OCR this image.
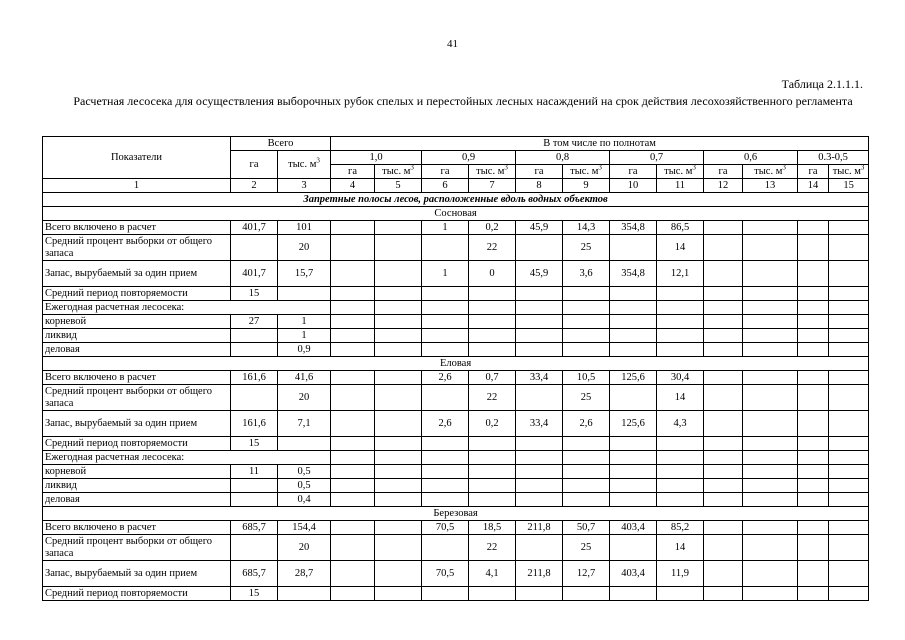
41
Таблица 2.1.1.1.
Расчетная лесосека для осуществления выборочных рубок спелых и перестойных лесных насаждений на срок действия лесохозяйственного регламента
Показатели	Всего		В том числе по полнотам											
	га	тыс. $м^3$	1,0		0,9		0,8		0,7		0,6		0.3-0,5	
			га	тыс. $м^3$	га	тыс. $м^3$	га	тыс. $м^3$	га	тыс. $м^3$	га	тыс. $м^3$	га	тыс. $м^3$
1	2	3	4	5	6	7	8	9	10	11	12	13	14	15
Запретные полосы лесов, расположенные вдоль водных объектов														
Сосновая														
Всего включено в расчет	401,7	101			1	0,2	45,9	14,3	354,8	86,5				
Средний процент выборки от общего запаса		20				22		25		14				
Запас, вырубаемый за один прием	401,7	15,7			1	0	45,9	3,6	354,8	12,1				
Средний период повторяемости	15													
Ежегодная расчетная лесосека:														
корневой	27	1												
ликвид		1												
деловая		0,9												
Еловая														
Всего включено в расчет	161,6	41,6			2,6	0,7	33,4	10,5	125,6	30,4				
Средний процент выборки от общего запаса		20				22		25		14				
Запас, вырубаемый за один прием	161,6	7,1			2,6	0,2	33,4	2,6	125,6	4,3				
Средний период повторяемости	15													
Ежегодная расчетная лесосека:														
корневой	11	0,5												
ликвид		0,5												
деловая		0,4												
Березовая														
Всего включено в расчет	685,7	154,4			70,5	18,5	211,8	50,7	403,4	85,2				
Средний процент выборки от общего запаса		20				22		25		14				
Запас, вырубаемый за один прием	685,7	28,7			70,5	4,1	211,8	12,7	403,4	11,9				
Средний период повторяемости	15													
